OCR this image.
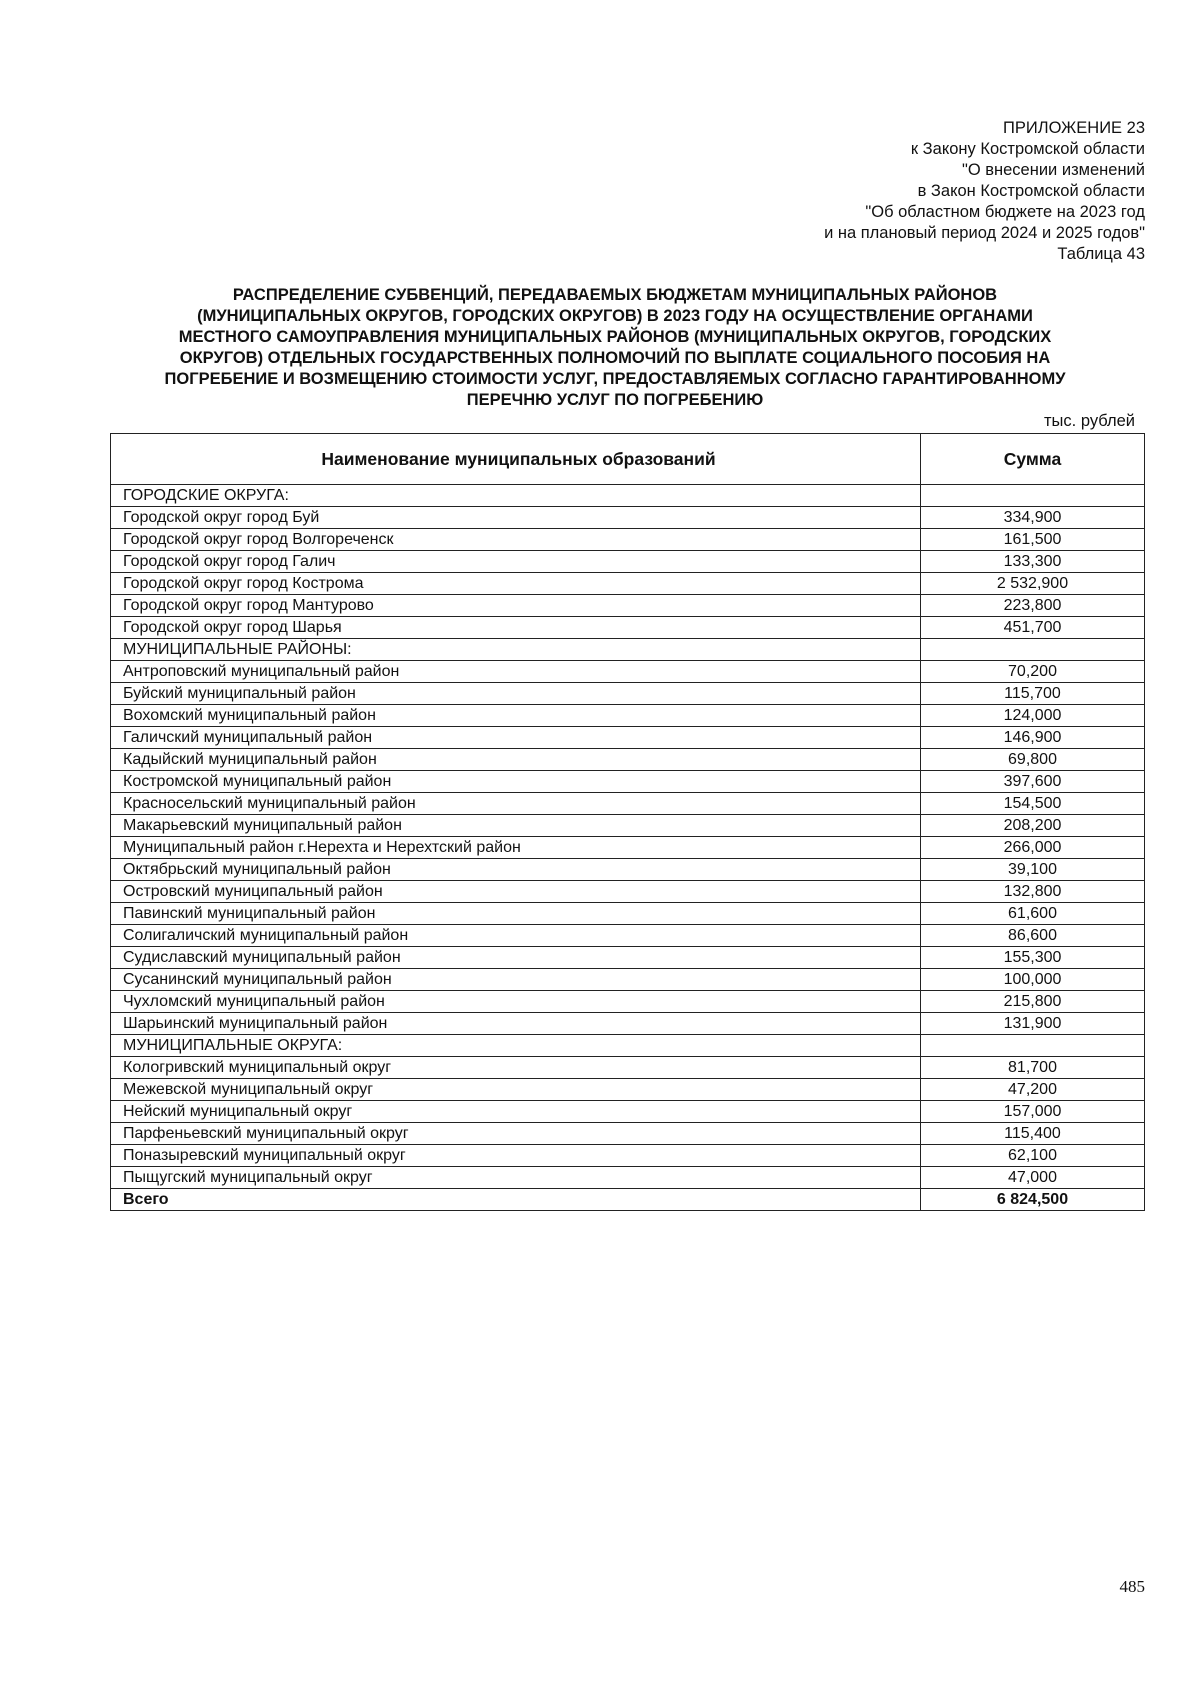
ПРИЛОЖЕНИЕ 23
к Закону Костромской области
"О внесении изменений
в Закон Костромской области
"Об областном бюджете на 2023 год
и на плановый период 2024 и 2025 годов"
Таблица 43
РАСПРЕДЕЛЕНИЕ СУБВЕНЦИЙ, ПЕРЕДАВАЕМЫХ БЮДЖЕТАМ МУНИЦИПАЛЬНЫХ РАЙОНОВ
(МУНИЦИПАЛЬНЫХ ОКРУГОВ, ГОРОДСКИХ ОКРУГОВ) В 2023 ГОДУ НА ОСУЩЕСТВЛЕНИЕ ОРГАНАМИ
МЕСТНОГО САМОУПРАВЛЕНИЯ МУНИЦИПАЛЬНЫХ РАЙОНОВ (МУНИЦИПАЛЬНЫХ ОКРУГОВ, ГОРОДСКИХ
ОКРУГОВ) ОТДЕЛЬНЫХ ГОСУДАРСТВЕННЫХ ПОЛНОМОЧИЙ ПО ВЫПЛАТЕ СОЦИАЛЬНОГО ПОСОБИЯ НА
ПОГРЕБЕНИЕ И ВОЗМЕЩЕНИЮ СТОИМОСТИ УСЛУГ, ПРЕДОСТАВЛЯЕМЫХ СОГЛАСНО ГАРАНТИРОВАННОМУ
ПЕРЕЧНЮ УСЛУГ ПО ПОГРЕБЕНИЮ
тыс. рублей
Наименование муниципальных образований	Сумма
ГОРОДСКИЕ ОКРУГА:	
Городской округ город Буй	334,900
Городской округ город Волгореченск	161,500
Городской округ город Галич	133,300
Городской округ город Кострома	2 532,900
Городской округ город Мантурово	223,800
Городской округ город Шарья	451,700
МУНИЦИПАЛЬНЫЕ РАЙОНЫ:	
Антроповский муниципальный район	70,200
Буйский муниципальный район	115,700
Вохомский муниципальный район	124,000
Галичский муниципальный район	146,900
Кадыйский муниципальный район	69,800
Костромской муниципальный район	397,600
Красносельский муниципальный район	154,500
Макарьевский муниципальный район	208,200
Муниципальный район г.Нерехта и Нерехтский район	266,000
Октябрьский муниципальный район	39,100
Островский муниципальный район	132,800
Павинский муниципальный район	61,600
Солигаличский муниципальный район	86,600
Судиславский муниципальный район	155,300
Сусанинский муниципальный район	100,000
Чухломский муниципальный район	215,800
Шарьинский муниципальный район	131,900
МУНИЦИПАЛЬНЫЕ ОКРУГА:	
Кологривский муниципальный округ	81,700
Межевской муниципальный округ	47,200
Нейский муниципальный округ	157,000
Парфеньевский муниципальный округ	115,400
Поназыревский муниципальный округ	62,100
Пыщугский муниципальный округ	47,000
Всего	6 824,500
485
